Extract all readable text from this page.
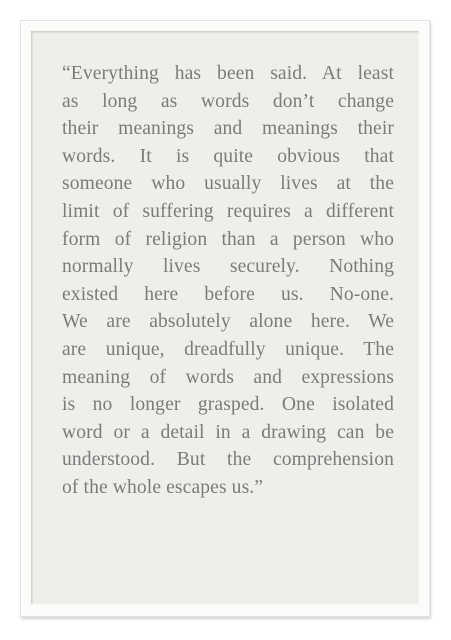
“Everything has been said. At least
as long as words don’t change
their meanings and meanings their
words. It is quite obvious that
someone who usually lives at the
limit of suffering requires a different
form of religion than a person who
normally lives securely. Nothing
existed here before us. No-one.
We are absolutely alone here. We
are unique, dreadfully unique. The
meaning of words and expressions
is no longer grasped. One isolated
word or a detail in a drawing can be
understood. But the comprehension
of the whole escapes us.”
